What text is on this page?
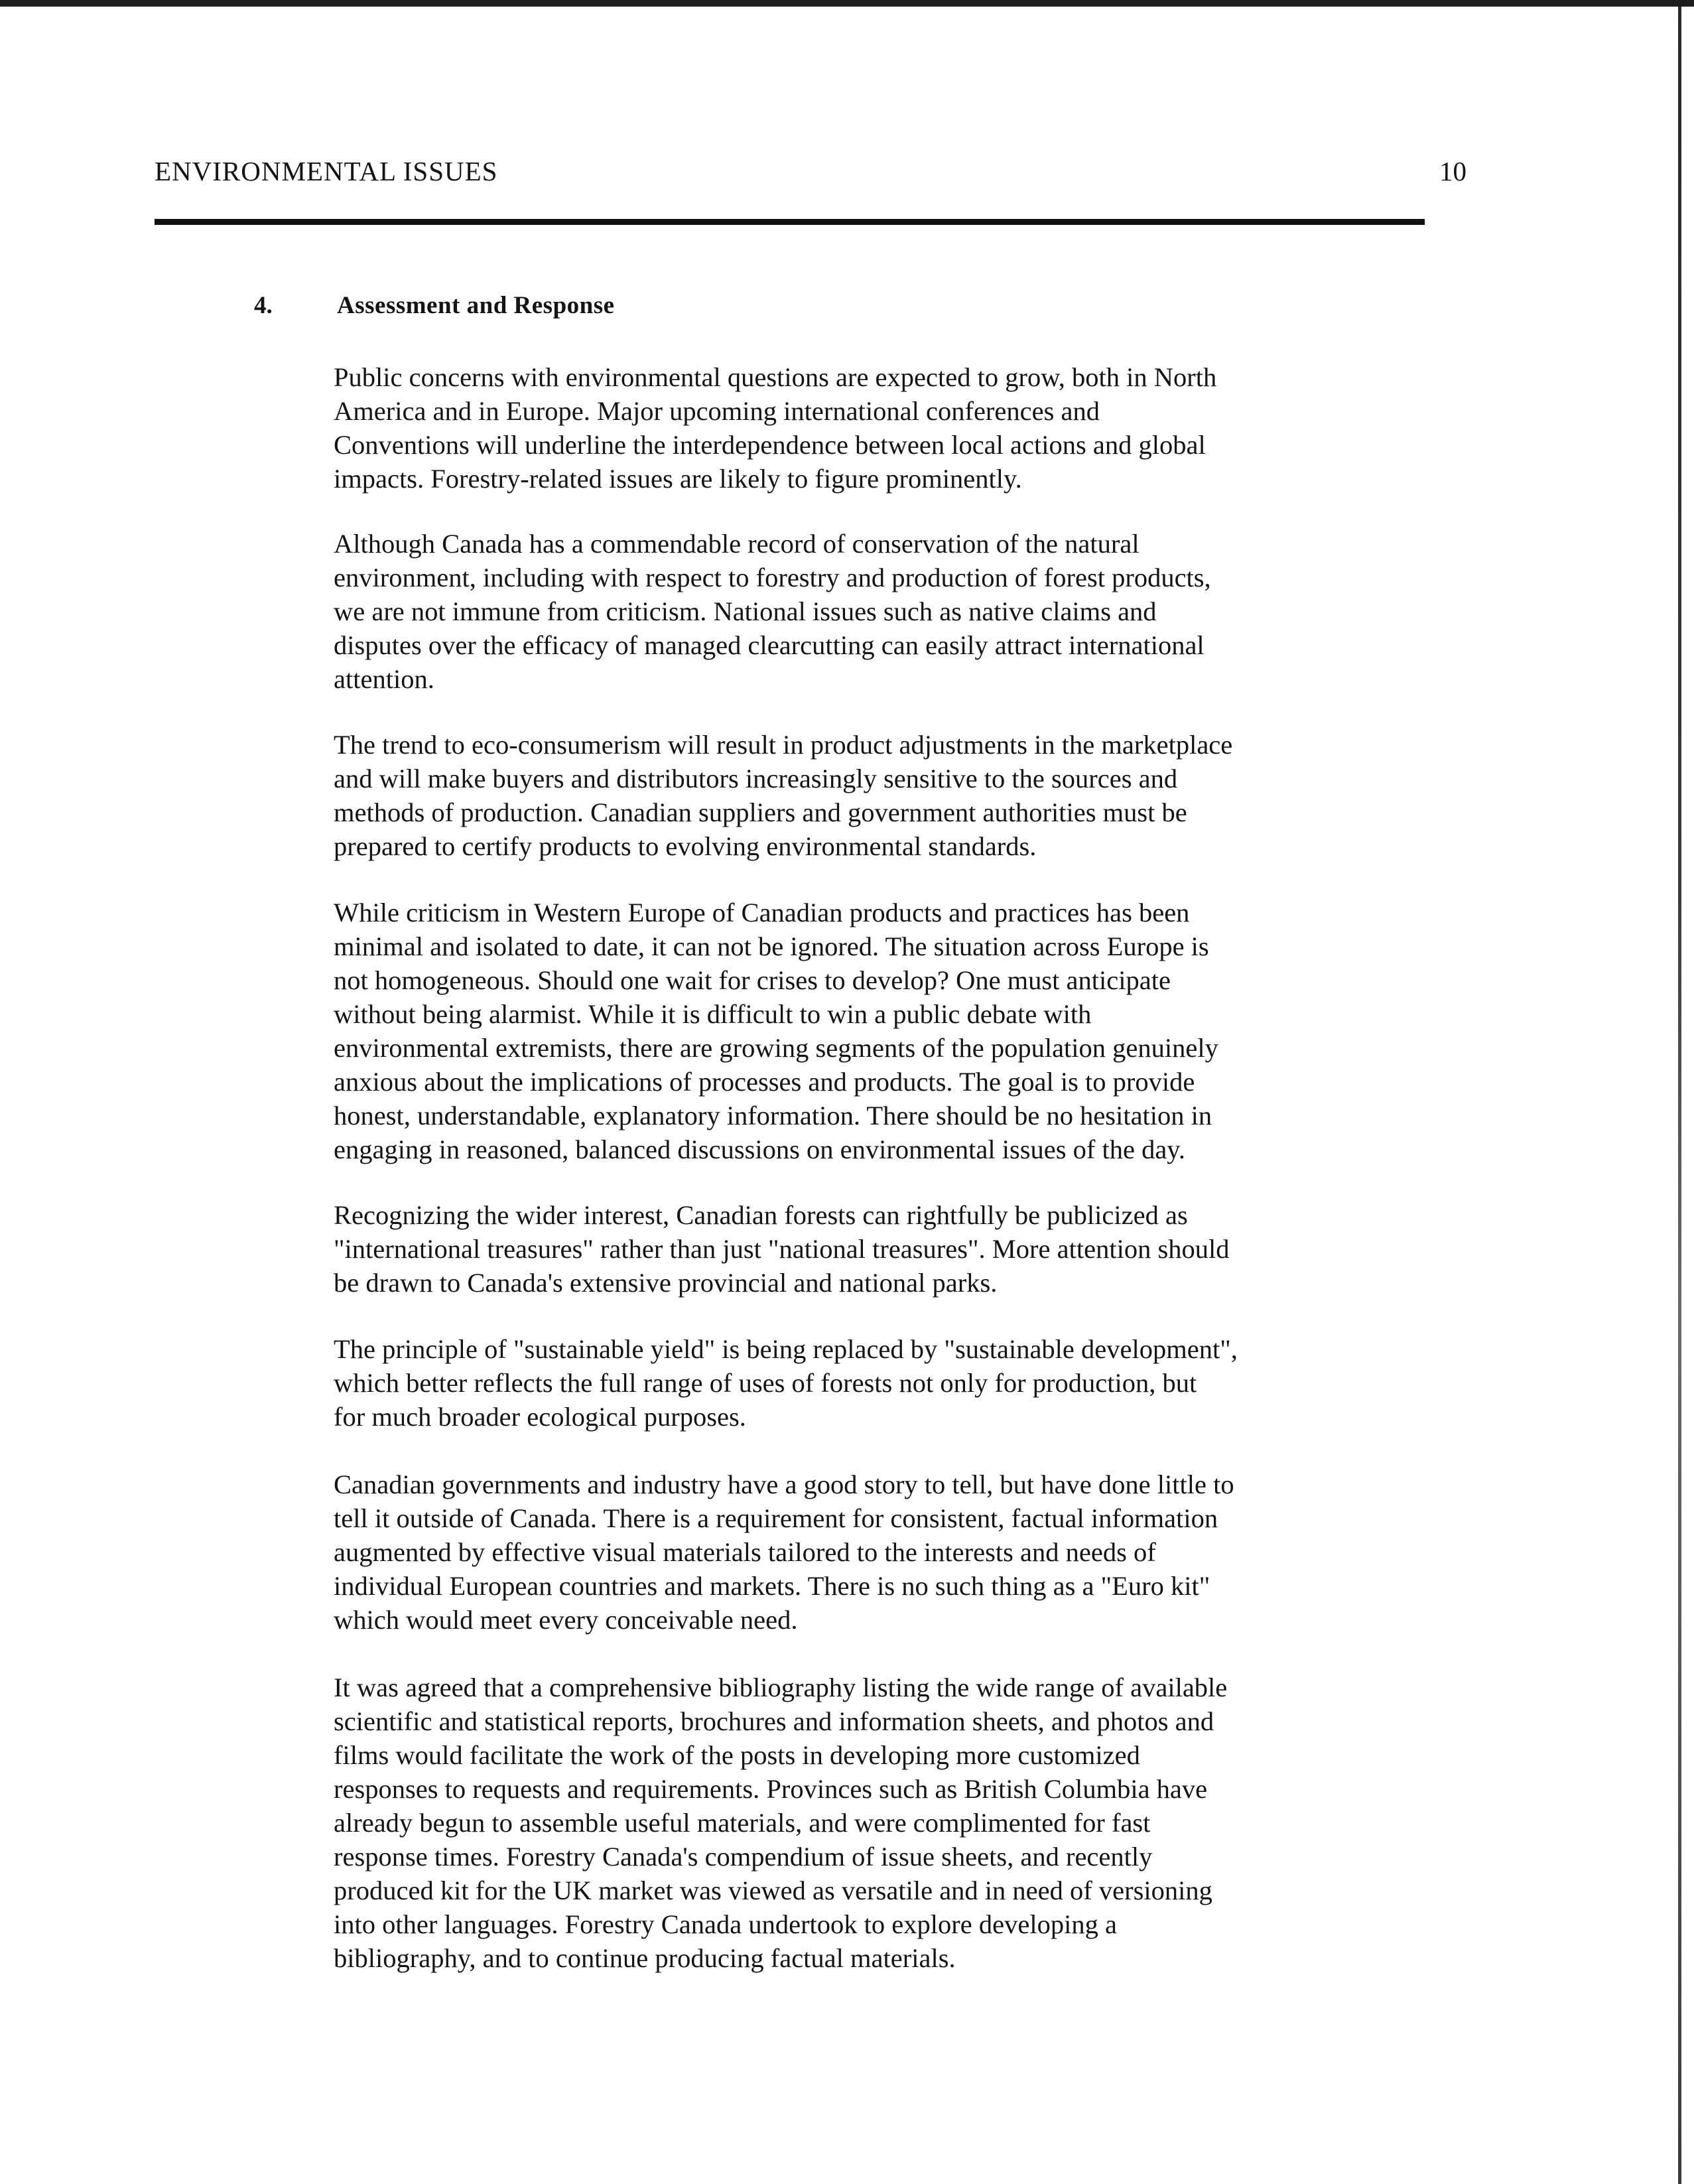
ENVIRONMENTAL ISSUES	10
4.	Assessment and Response

Public concerns with environmental questions are expected to grow, both in North
America and in Europe. Major upcoming international conferences and
Conventions will underline the interdependence between local actions and global
impacts. Forestry-related issues are likely to figure prominently.

Although Canada has a commendable record of conservation of the natural
environment, including with respect to forestry and production of forest products,
we are not immune from criticism. National issues such as native claims and
disputes over the efficacy of managed clearcutting can easily attract international
attention.

The trend to eco-consumerism will result in product adjustments in the marketplace
and will make buyers and distributors increasingly sensitive to the sources and
methods of production. Canadian suppliers and government authorities must be
prepared to certify products to evolving environmental standards.

While criticism in Western Europe of Canadian products and practices has been
minimal and isolated to date, it can not be ignored. The situation across Europe is
not homogeneous. Should one wait for crises to develop? One must anticipate
without being alarmist. While it is difficult to win a public debate with
environmental extremists, there are growing segments of the population genuinely
anxious about the implications of processes and products. The goal is to provide
honest, understandable, explanatory information. There should be no hesitation in
engaging in reasoned, balanced discussions on environmental issues of the day.

Recognizing the wider interest, Canadian forests can rightfully be publicized as
"international treasures" rather than just "national treasures". More attention should
be drawn to Canada's extensive provincial and national parks.

The principle of "sustainable yield" is being replaced by "sustainable development",
which better reflects the full range of uses of forests not only for production, but
for much broader ecological purposes.

Canadian governments and industry have a good story to tell, but have done little to
tell it outside of Canada. There is a requirement for consistent, factual information
augmented by effective visual materials tailored to the interests and needs of
individual European countries and markets. There is no such thing as a "Euro kit"
which would meet every conceivable need.

It was agreed that a comprehensive bibliography listing the wide range of available
scientific and statistical reports, brochures and information sheets, and photos and
films would facilitate the work of the posts in developing more customized
responses to requests and requirements. Provinces such as British Columbia have
already begun to assemble useful materials, and were complimented for fast
response times. Forestry Canada's compendium of issue sheets, and recently
produced kit for the UK market was viewed as versatile and in need of versioning
into other languages. Forestry Canada undertook to explore developing a
bibliography, and to continue producing factual materials.
